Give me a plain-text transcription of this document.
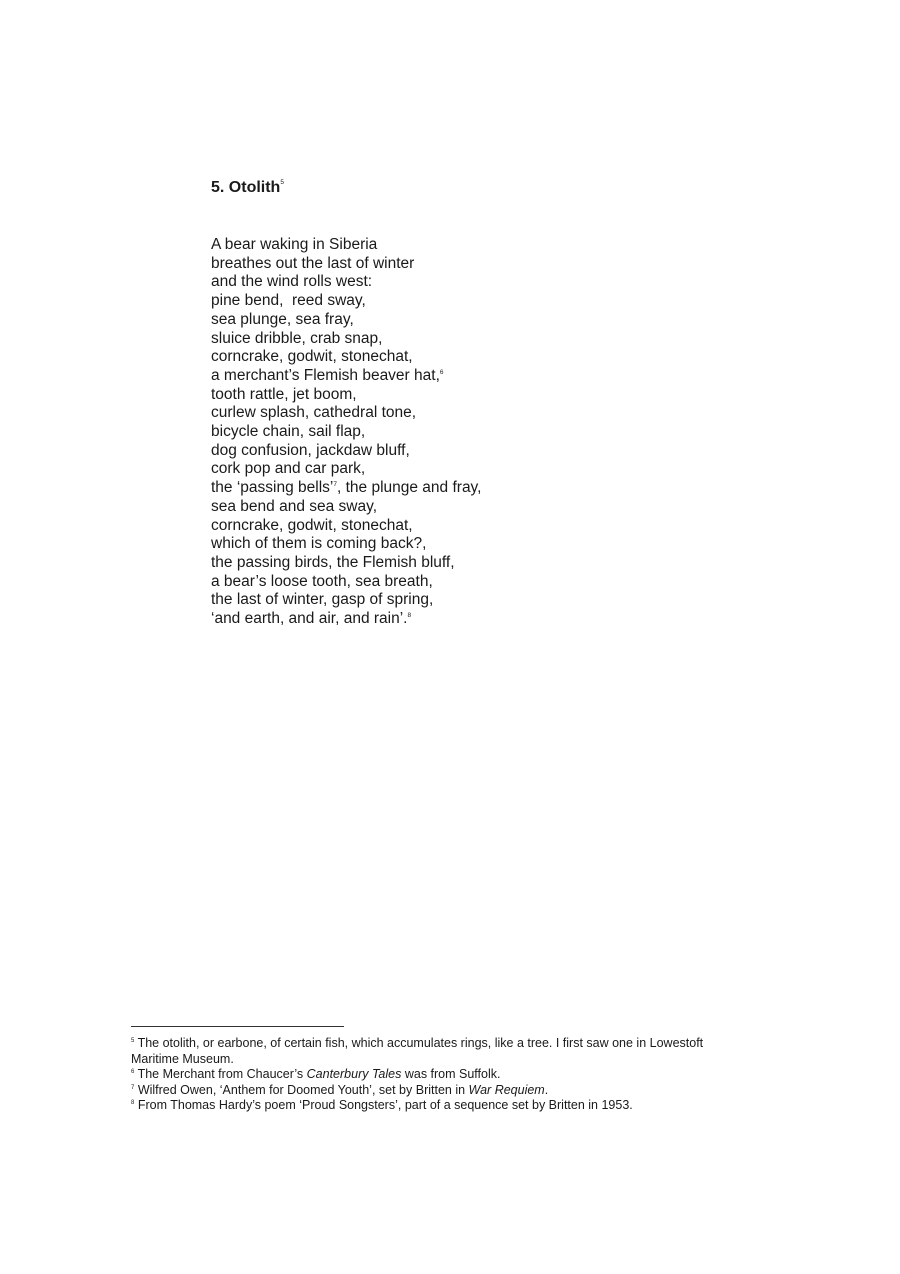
5. Otolith$^5$
A bear waking in Siberia
breathes out the last of winter
and the wind rolls west:
pine bend,  reed sway,
sea plunge, sea fray,
sluice dribble, crab snap,
corncrake, godwit, stonechat,
a merchant’s Flemish beaver hat,$^6$
tooth rattle, jet boom,
curlew splash, cathedral tone,
bicycle chain, sail flap,
dog confusion, jackdaw bluff,
cork pop and car park,
the ‘passing bells’$^7$, the plunge and fray,
sea bend and sea sway,
corncrake, godwit, stonechat,
which of them is coming back?,
the passing birds, the Flemish bluff,
a bear’s loose tooth, sea breath,
the last of winter, gasp of spring,
‘and earth, and air, and rain’.$^8$
$^5$ The otolith, or earbone, of certain fish, which accumulates rings, like a tree. I first saw one in Lowestoft Maritime Museum.
$^6$ The Merchant from Chaucer’s Canterbury Tales was from Suffolk.
$^7$ Wilfred Owen, ‘Anthem for Doomed Youth’, set by Britten in War Requiem.
$^8$ From Thomas Hardy’s poem ‘Proud Songsters’, part of a sequence set by Britten in 1953.
